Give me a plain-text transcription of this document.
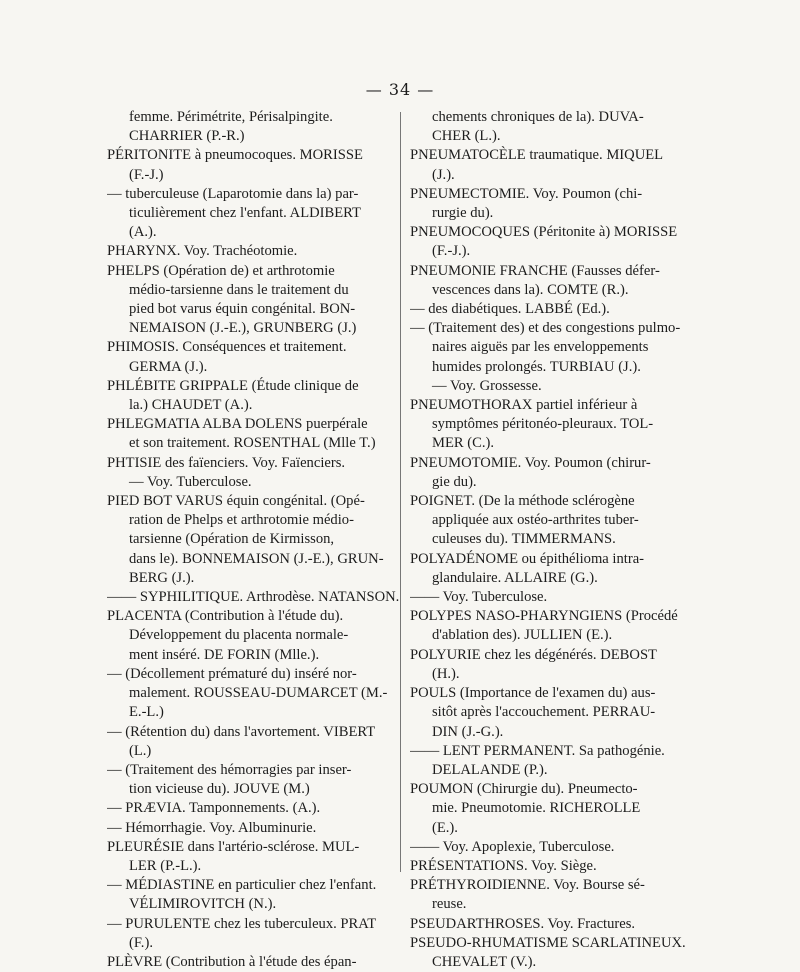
— 34 —
femme. Périmétrite, Périsalpingite.
CHARRIER (P.-R.)
PÉRITONITE à pneumocoques. MORISSE
(F.-J.)
— tuberculeuse (Laparotomie dans la) par-
ticulièrement chez l'enfant. ALDIBERT
(A.).
PHARYNX. Voy. Trachéotomie.
PHELPS (Opération de) et arthrotomie
médio-tarsienne dans le traitement du
pied bot varus équin congénital. BON-
NEMAISON (J.-E.), GRUNBERG (J.)
PHIMOSIS. Conséquences et traitement.
GERMA (J.).
PHLÉBITE GRIPPALE (Étude clinique de
la.) CHAUDET (A.).
PHLEGMATIA ALBA DOLENS puerpérale
et son traitement. ROSENTHAL (Mlle T.)
PHTISIE des faïenciers. Voy. Faïenciers.
— Voy. Tuberculose.
PIED BOT VARUS équin congénital. (Opé-
ration de Phelps et arthrotomie médio-
tarsienne (Opération de Kirmisson,
dans le). BONNEMAISON (J.-E.), GRUN-
BERG (J.).
—— SYPHILITIQUE. Arthrodèse. NATANSON.
PLACENTA (Contribution à l'étude du).
Développement du placenta normale-
ment inséré. DE FORIN (Mlle.).
— (Décollement prématuré du) inséré nor-
malement. ROUSSEAU-DUMARCET (M.-
E.-L.)
— (Rétention du) dans l'avortement. VIBERT
(L.)
— (Traitement des hémorragies par inser-
tion vicieuse du). JOUVE (M.)
— PRÆVIA. Tamponnements. (A.).
— Hémorrhagie. Voy. Albuminurie.
PLEURÉSIE dans l'artério-sclérose. MUL-
LER (P.-L.).
— MÉDIASTINE en particulier chez l'enfant.
VÉLIMIROVITCH (N.).
— PURULENTE chez les tuberculeux. PRAT
(F.).
PLÈVRE (Contribution à l'étude des épan-
chements chroniques de la). DUVA-
CHER (L.).
PNEUMATOCÈLE traumatique. MIQUEL
(J.).
PNEUMECTOMIE. Voy. Poumon (chi-
rurgie du).
PNEUMOCOQUES (Péritonite à) MORISSE
(F.-J.).
PNEUMONIE FRANCHE (Fausses défer-
vescences dans la). COMTE (R.).
— des diabétiques. LABBÉ (Ed.).
— (Traitement des) et des congestions pulmo-
naires aiguës par les enveloppements
humides prolongés. TURBIAU (J.).
— Voy. Grossesse.
PNEUMOTHORAX partiel inférieur à
symptômes péritonéo-pleuraux. TOL-
MER (C.).
PNEUMOTOMIE. Voy. Poumon (chirur-
gie du).
POIGNET. (De la méthode sclérogène
appliquée aux ostéo-arthrites tuber-
culeuses du). TIMMERMANS.
POLYADÉNOME ou épithélioma intra-
glandulaire. ALLAIRE (G.).
—— Voy. Tuberculose.
POLYPES NASO-PHARYNGIENS (Procédé
d'ablation des). JULLIEN (E.).
POLYURIE chez les dégénérés. DEBOST
(H.).
POULS (Importance de l'examen du) aus-
sitôt après l'accouchement. PERRAU-
DIN (J.-G.).
—— LENT PERMANENT. Sa pathogénie.
DELALANDE (P.).
POUMON (Chirurgie du). Pneumecto-
mie. Pneumotomie. RICHEROLLE
(E.).
—— Voy. Apoplexie, Tuberculose.
PRÉSENTATIONS. Voy. Siège.
PRÉTHYROIDIENNE. Voy. Bourse sé-
reuse.
PSEUDARTHROSES. Voy. Fractures.
PSEUDO-RHUMATISME SCARLATINEUX.
CHEVALET (V.).
